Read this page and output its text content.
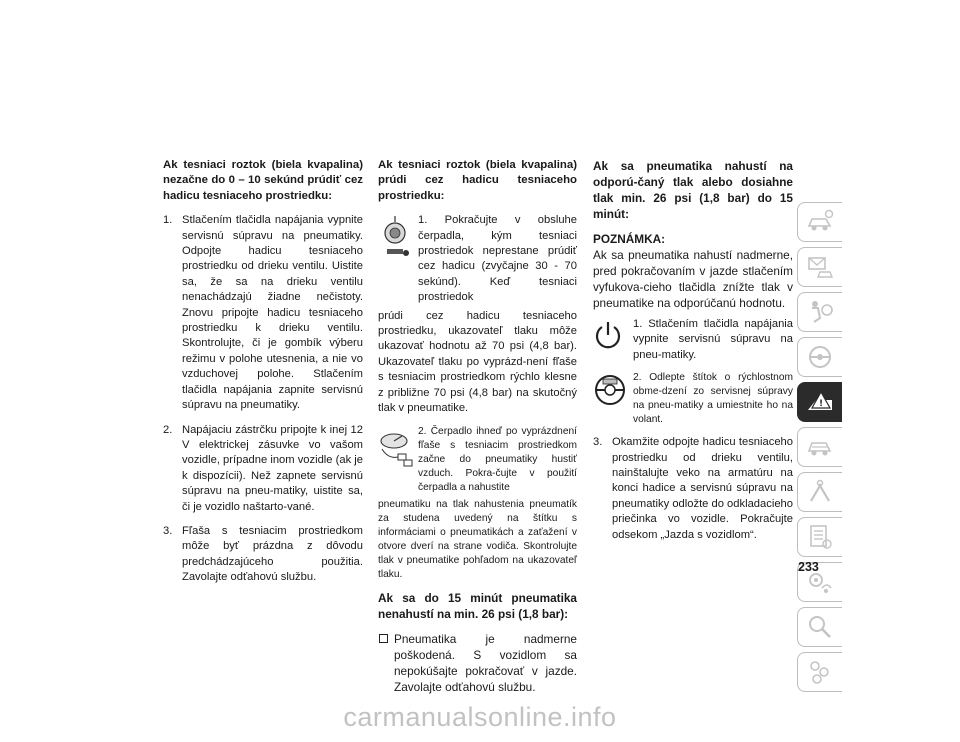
Ak tesniaci roztok (biela kvapalina) nezačne do 0 – 10 sekúnd prúdiť cez hadicu tesniaceho prostriedku:

1. Stlačením tlačidla napájania vypnite servisnú súpravu na pneumatiky. Odpojte hadicu tesniaceho prostriedku od drieku ventilu. Uistite sa, že sa na drieku ventilu nenachádzajú žiadne nečistoty. Znovu pripojte hadicu tesniaceho prostriedku k drieku ventilu. Skontrolujte, či je gombík výberu režimu v polohe utesnenia, a nie vo vzduchovej polohe. Stlačením tlačidla napájania zapnite servisnú súpravu na pneumatiky.
2. Napájaciu zástrčku pripojte k inej 12 V elektrickej zásuvke vo vašom vozidle, prípadne inom vozidle (ak je k dispozícii). Než zapnete servisnú súpravu na pneu-matiky, uistite sa, či je vozidlo naštarto-vané.
3. Fľaša s tesniacim prostriedkom môže byť prázdna z dôvodu predchádzajúceho použitia. Zavolajte odťahovú službu.

Ak tesniaci roztok (biela kvapalina) prúdi cez hadicu tesniaceho prostriedku:

1. Pokračujte v obsluhe čerpadla, kým tesniaci prostriedok neprestane prúdiť cez hadicu (zvyčajne 30 - 70 sekúnd). Keď tesniaci prostriedok
prúdi cez hadicu tesniaceho prostriedku, ukazovateľ tlaku môže ukazovať hodnotu až 70 psi (4,8 bar). Ukazovateľ tlaku po vyprázd-není fľaše s tesniacim prostriedkom rýchlo klesne z približne 70 psi (4,8 bar) na skutočný tlak v pneumatike.
2. Čerpadlo ihneď po vyprázdnení fľaše s tesniacim prostriedkom začne do pneumatiky hustiť vzduch. Pokra-čujte v použití čerpadla a nahustite
pneumatiku na tlak nahustenia pneumatík za studena uvedený na štítku s informáciami o pneumatikách a zaťažení v otvore dverí na strane vodiča. Skontrolujte tlak v pneumatike pohľadom na ukazovateľ tlaku.

Ak sa do 15 minút pneumatika nenahustí na min. 26 psi (1,8 bar):

Pneumatika je nadmerne poškodená. S vozidlom sa nepokúšajte pokračovať v jazde. Zavolajte odťahovú službu.

Ak sa pneumatika nahustí na odporú-čaný tlak alebo dosiahne tlak min. 26 psi (1,8 bar) do 15 minút:

POZNÁMKA:

Ak sa pneumatika nahustí nadmerne, pred pokračovaním v jazde stlačením vyfukova-cieho tlačidla znížte tlak v pneumatike na odporúčanú hodnotu.
1. Stlačením tlačidla napájania vypnite servisnú súpravu na pneu-matiky.
2. Odlepte štítok o rýchlostnom obme-dzení zo servisnej súpravy na pneu-matiky a umiestnite ho na volant.
3. Okamžite odpojte hadicu tesniaceho prostriedku od drieku ventilu, nainštalujte veko na armatúru na konci hadice a servisnú súpravu na pneumatiky odložte do odkladacieho priečinka vo vozidle. Pokračujte odsekom „Jazda s vozidlom“.
!
233
carmanualsonline.info
